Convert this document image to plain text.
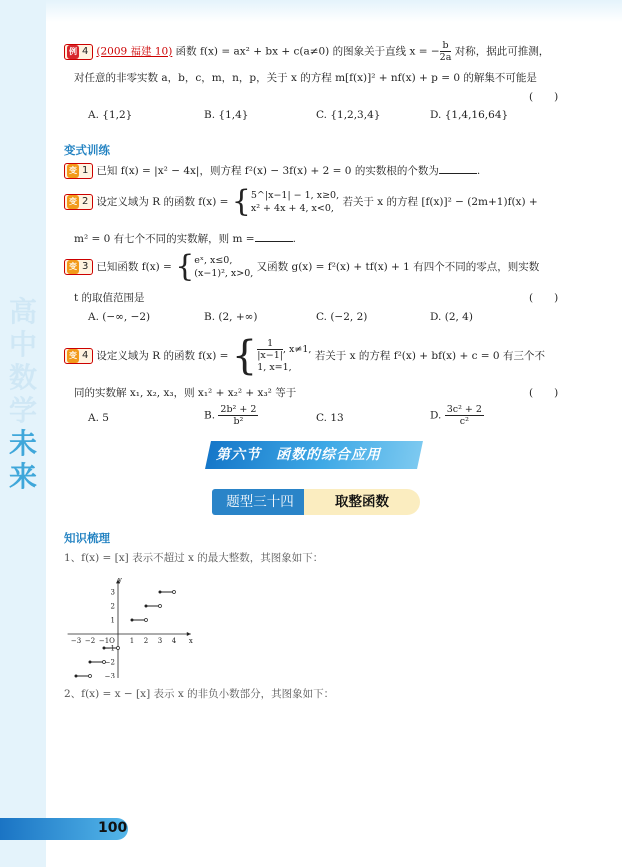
高中数学
未来
例 4 (2009 福建 10) 函数 f(x) = ax² + bx + c(a≠0) 的图象关于直线 x = − $\frac{b}{2a}$ 对称，据此可推测，
对任意的非零实数 a，b，c，m，n，p，关于 x 的方程 m[f(x)]² + nf(x) + p = 0 的解集不可能是
(　　)
A. {1,2}	B. {1,4}	C. {1,2,3,4}	D. {1,4,16,64}
变式训练
变 1 已知 f(x) = |x² − 4x|，则方程 f²(x) − 3f(x) + 2 = 0 的实数根的个数为	.
变 2 设定义域为 R 的函数 f(x) = { 5^|x−1| − 1, x≥0,
x² + 4x + 4, x<0,
若关于 x 的方程 [f(x)]² − (2m+1)f(x) +
m² = 0 有七个不同的实数解，则 m =	.
变 3 已知函数 f(x) = { eˣ, x≤0,
(x−1)², x>0,
又函数 g(x) = f²(x) + tf(x) + 1 有四个不同的零点，则实数
t 的取值范围是	(　　)
A. (−∞, −2)	B. (2, +∞)	C. (−2, 2)	D. (2, 4)
变 4 设定义域为 R 的函数 f(x) = { $\frac{1}{|x-1|}$ , x≠1,
1, x=1,
若关于 x 的方程 f²(x) + bf(x) + c = 0 有三个不
同的实数解 x₁, x₂, x₃，则 x₁² + x₂² + x₃² 等于	(　　)
A. 5	B. $\frac{\text{2b² + 2}}{\text{b²}}$	C. 13	D. $\frac{\text{3c² + 2}}{\text{c²}}$
知识梳理
1、f(x) = [x] 表示不超过 x 的最大整数，其图象如下：
2、f(x) = x − [x] 表示 x 的非负小数部分，其图象如下：
第六节　函数的综合应用
题型三十四	取整函数
−3 −2 −1 O 1 2 3 4 x
3
2
1
−1
−2
−3
y
100
